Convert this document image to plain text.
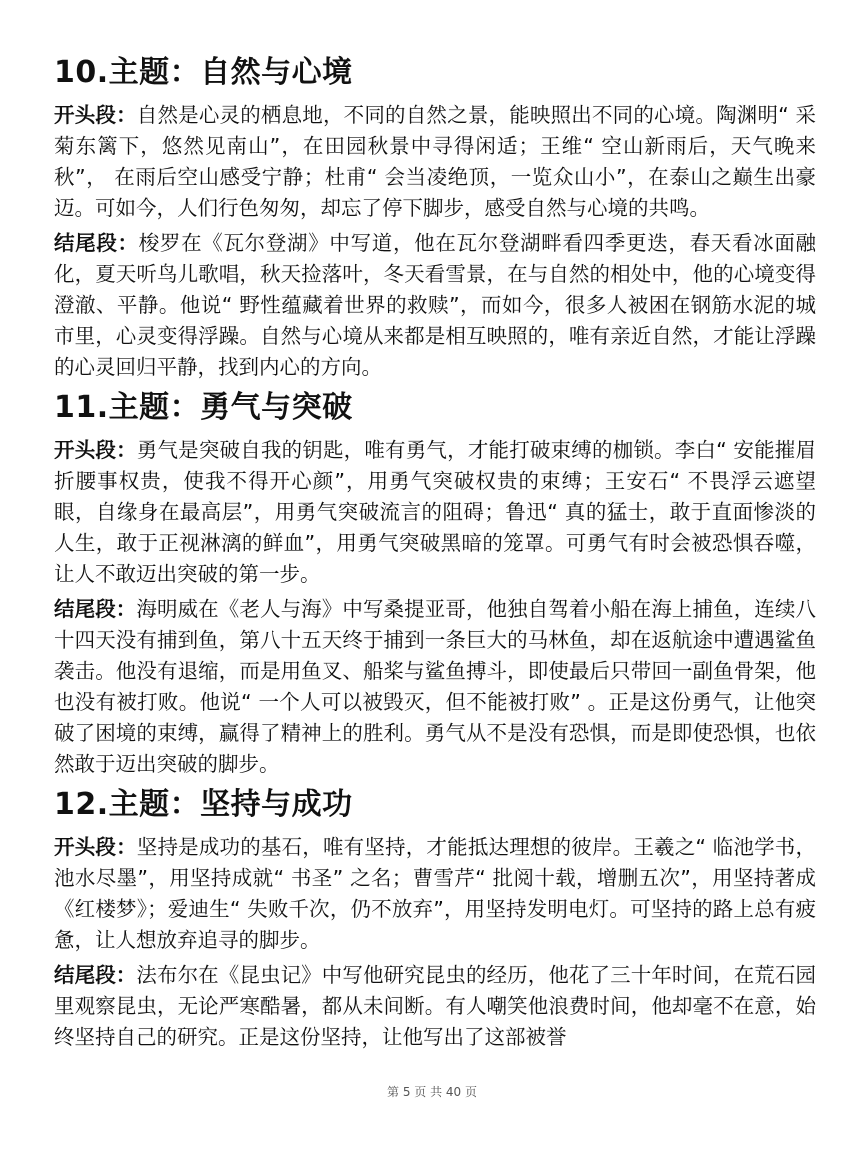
10.主题：自然与心境

开头段：自然是心灵的栖息地，不同的自然之景，能映照出不同的心境。陶渊明“ 采菊东篱下，悠然见南山”，在田园秋景中寻得闲适；王维“ 空山新雨后，天气晚来秋”， 在雨后空山感受宁静；杜甫“ 会当凌绝顶，一览众山小”，在泰山之巅生出豪迈。可如今，人们行色匆匆，却忘了停下脚步，感受自然与心境的共鸣。

结尾段：梭罗在《瓦尔登湖》中写道，他在瓦尔登湖畔看四季更迭，春天看冰面融化，夏天听鸟儿歌唱，秋天捡落叶，冬天看雪景，在与自然的相处中，他的心境变得澄澈、平静。他说“ 野性蕴藏着世界的救赎”，而如今，很多人被困在钢筋水泥的城市里，心灵变得浮躁。自然与心境从来都是相互映照的，唯有亲近自然，才能让浮躁的心灵回归平静，找到内心的方向。

11.主题：勇气与突破

开头段：勇气是突破自我的钥匙，唯有勇气，才能打破束缚的枷锁。李白“ 安能摧眉折腰事权贵，使我不得开心颜”，用勇气突破权贵的束缚；王安石“ 不畏浮云遮望眼，自缘身在最高层”，用勇气突破流言的阻碍；鲁迅“ 真的猛士，敢于直面惨淡的人生，敢于正视淋漓的鲜血”，用勇气突破黑暗的笼罩。可勇气有时会被恐惧吞噬，让人不敢迈出突破的第一步。

结尾段：海明威在《老人与海》中写桑提亚哥，他独自驾着小船在海上捕鱼，连续八十四天没有捕到鱼，第八十五天终于捕到一条巨大的马林鱼，却在返航途中遭遇鲨鱼袭击。他没有退缩，而是用鱼叉、船桨与鲨鱼搏斗，即使最后只带回一副鱼骨架，他也没有被打败。他说“ 一个人可以被毁灭，但不能被打败” 。正是这份勇气，让他突破了困境的束缚，赢得了精神上的胜利。勇气从不是没有恐惧，而是即使恐惧，也依然敢于迈出突破的脚步。

12.主题：坚持与成功

开头段：坚持是成功的基石，唯有坚持，才能抵达理想的彼岸。王羲之“ 临池学书，池水尽墨”，用坚持成就“ 书圣” 之名；曹雪芹“ 批阅十载，增删五次”，用坚持著成《红楼梦》；爱迪生“ 失败千次，仍不放弃”，用坚持发明电灯。可坚持的路上总有疲惫，让人想放弃追寻的脚步。

结尾段：法布尔在《昆虫记》中写他研究昆虫的经历，他花了三十年时间，在荒石园里观察昆虫，无论严寒酷暑，都从未间断。有人嘲笑他浪费时间，他却毫不在意，始终坚持自己的研究。正是这份坚持，让他写出了这部被誉

第 5 页 共 40 页
